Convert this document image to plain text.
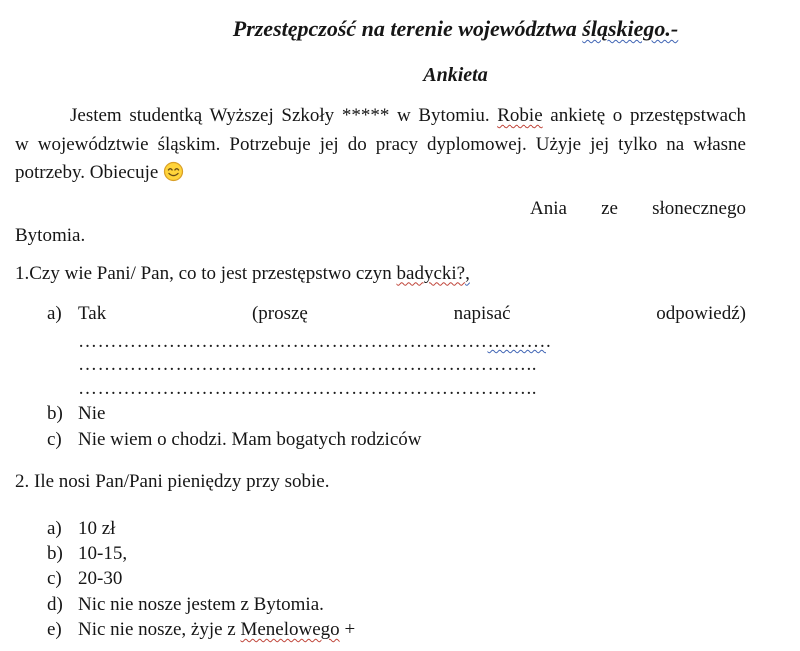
Przestępczość na terenie województwa śląskiego.-
Ankieta
Jestem studentką Wyższej Szkoły ***** w Bytomiu. Robie ankietę o przestępstwach
w województwie śląskim. Potrzebuje jej do pracy dyplomowej. Użyje jej tylko na własne
potrzeby. Obiecuje
Ania ze słonecznego
Bytomia.
1.Czy wie Pani/ Pan, co to jest przestępstwo czyn badycki?,
a) Tak (proszę napisać odpowiedź)
……………………………………………………………….
……………………………………………………………..
……………………………………………………………..
b) Nie
c) Nie wiem o chodzi. Mam bogatych rodziców
2. Ile nosi Pan/Pani pieniędzy przy sobie.
a) 10 zł
b) 10-15,
c) 20-30
d) Nic nie nosze jestem z Bytomia.
e) Nic nie nosze, żyje z Menelowego +
